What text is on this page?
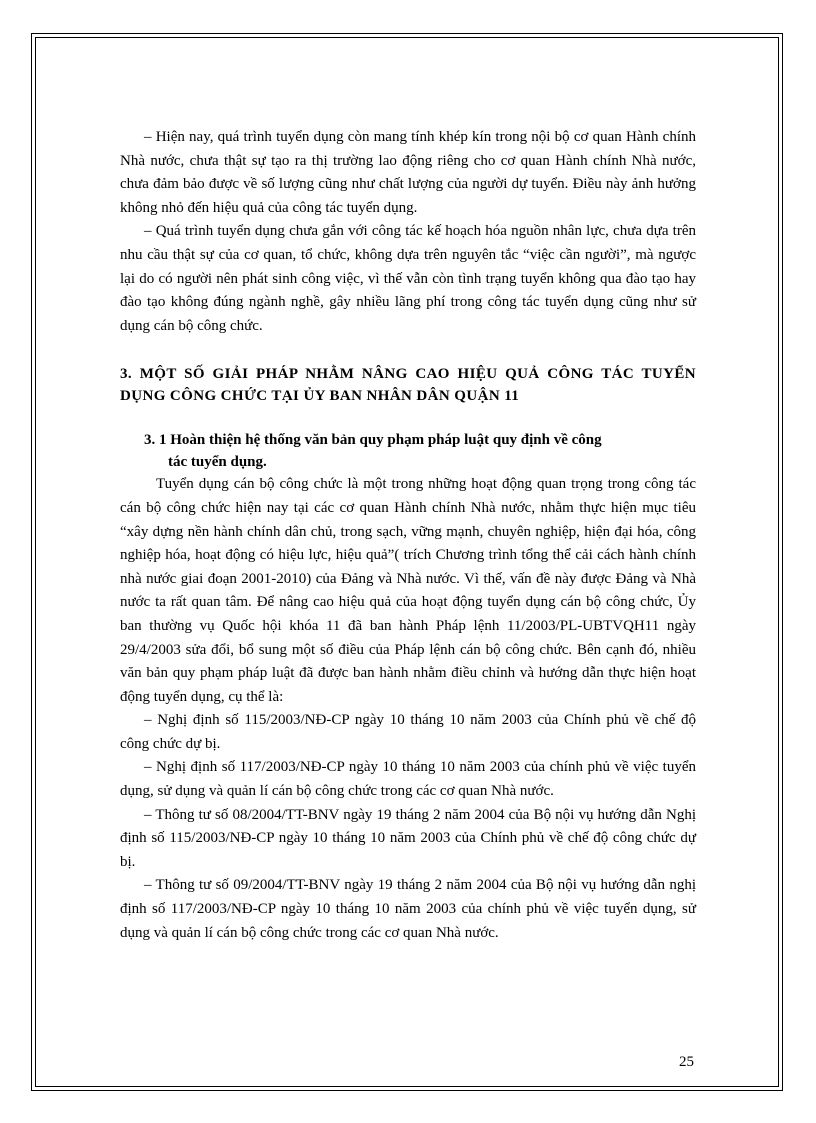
– Hiện nay, quá trình tuyển dụng còn mang tính khép kín trong nội bộ cơ quan Hành chính Nhà nước, chưa thật sự tạo ra thị trường lao động riêng cho cơ quan Hành chính Nhà nước, chưa đảm bảo được về số lượng cũng như chất lượng của người dự tuyển. Điều này ảnh hưởng không nhỏ đến hiệu quả của công tác tuyển dụng.

– Quá trình tuyển dụng chưa gắn với công tác kế hoạch hóa nguồn nhân lực, chưa dựa trên nhu cầu thật sự của cơ quan, tổ chức, không dựa trên nguyên tắc “việc cần người”, mà ngược lại do có người nên phát sinh công việc, vì thế vẫn còn tình trạng tuyển không qua đào tạo hay đào tạo không đúng ngành nghề, gây nhiều lãng phí trong công tác tuyển dụng cũng như sử dụng cán bộ công chức.

3. MỘT SỐ GIẢI PHÁP NHẰM NÂNG CAO HIỆU QUẢ CÔNG TÁC TUYỂN DỤNG CÔNG CHỨC TẠI ỦY BAN NHÂN DÂN QUẬN 11

3. 1 Hoàn thiện hệ thống văn bản quy phạm pháp luật quy định về công
tác tuyển dụng.

Tuyển dụng cán bộ công chức là một trong những hoạt động quan trọng trong công tác cán bộ công chức hiện nay tại các cơ quan Hành chính Nhà nước, nhằm thực hiện mục tiêu “xây dựng nền hành chính dân chủ, trong sạch, vững mạnh, chuyên nghiệp, hiện đại hóa, công nghiệp hóa, hoạt động có hiệu lực, hiệu quả”( trích Chương trình tổng thể cải cách hành chính nhà nước giai đoạn 2001-2010) của Đảng và Nhà nước. Vì thế, vấn đề này được Đảng và Nhà nước ta rất quan tâm. Để nâng cao hiệu quả của hoạt động tuyển dụng cán bộ công chức, Ủy ban thường vụ Quốc hội khóa 11 đã ban hành Pháp lệnh 11/2003/PL-UBTVQH11 ngày 29/4/2003 sửa đổi, bổ sung một số điều của Pháp lệnh cán bộ công chức. Bên cạnh đó, nhiều văn bản quy phạm pháp luật đã được ban hành nhằm điều chỉnh và hướng dẫn thực hiện hoạt động tuyển dụng, cụ thể là:

– Nghị định số 115/2003/NĐ-CP ngày 10 tháng 10 năm 2003 của Chính phủ về chế độ công chức dự bị.

– Nghị định số 117/2003/NĐ-CP ngày 10 tháng 10 năm 2003 của chính phủ về việc tuyển dụng, sử dụng và quản lí cán bộ công chức trong các cơ quan Nhà nước.

– Thông tư số 08/2004/TT-BNV ngày 19 tháng 2 năm 2004 của Bộ nội vụ hướng dẫn Nghị định số 115/2003/NĐ-CP ngày 10 tháng 10 năm 2003 của Chính phủ về chế độ công chức dự bị.

– Thông tư số 09/2004/TT-BNV ngày 19 tháng 2 năm 2004 của Bộ nội vụ hướng dẫn nghị định số 117/2003/NĐ-CP ngày 10 tháng 10 năm 2003 của chính phủ về việc tuyển dụng, sử dụng và quản lí cán bộ công chức trong các cơ quan Nhà nước.

25
